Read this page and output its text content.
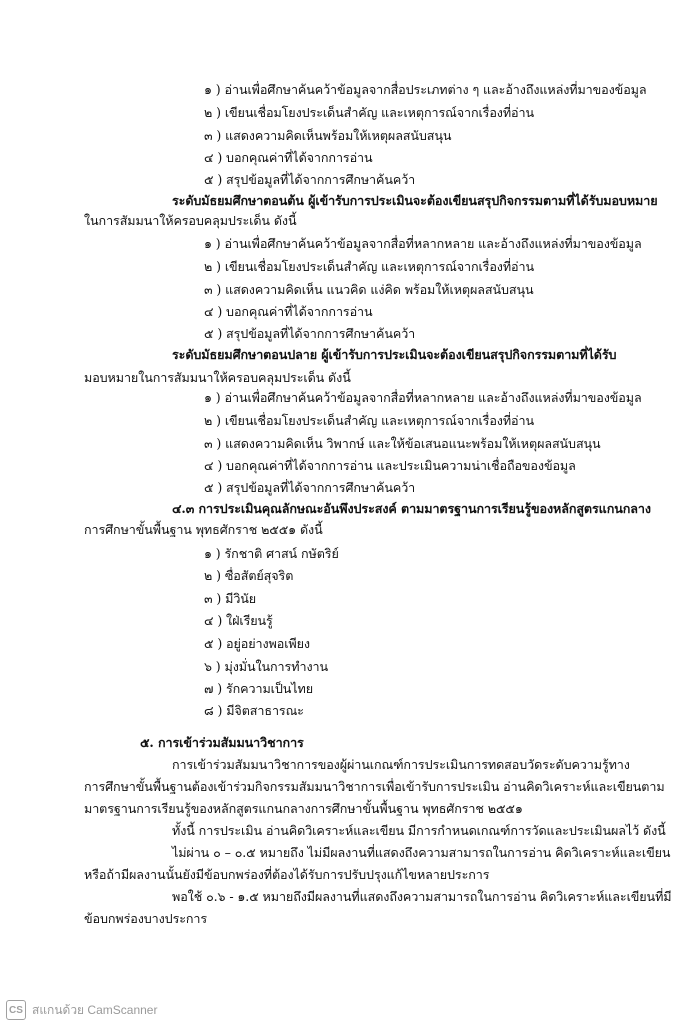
๑ ) อ่านเพื่อศึกษาค้นคว้าข้อมูลจากสื่อประเภทต่าง ๆ และอ้างถึงแหล่งที่มาของข้อมูล
๒ ) เขียนเชื่อมโยงประเด็นสำคัญ และเหตุการณ์จากเรื่องที่อ่าน
๓ ) แสดงความคิดเห็นพร้อมให้เหตุผลสนับสนุน
๔ ) บอกคุณค่าที่ได้จากการอ่าน
๕ ) สรุปข้อมูลที่ได้จากการศึกษาค้นคว้า
ระดับมัธยมศึกษาตอนต้น ผู้เข้ารับการประเมินจะต้องเขียนสรุปกิจกรรมตามที่ได้รับมอบหมาย
ในการสัมมนาให้ครอบคลุมประเด็น ดังนี้
๑ ) อ่านเพื่อศึกษาค้นคว้าข้อมูลจากสื่อที่หลากหลาย และอ้างถึงแหล่งที่มาของข้อมูล
๒ ) เขียนเชื่อมโยงประเด็นสำคัญ และเหตุการณ์จากเรื่องที่อ่าน
๓ ) แสดงความคิดเห็น แนวคิด แง่คิด พร้อมให้เหตุผลสนับสนุน
๔ ) บอกคุณค่าที่ได้จากการอ่าน
๕ ) สรุปข้อมูลที่ได้จากการศึกษาค้นคว้า
ระดับมัธยมศึกษาตอนปลาย ผู้เข้ารับการประเมินจะต้องเขียนสรุปกิจกรรมตามที่ได้รับ
มอบหมายในการสัมมนาให้ครอบคลุมประเด็น ดังนี้
๑ ) อ่านเพื่อศึกษาค้นคว้าข้อมูลจากสื่อที่หลากหลาย และอ้างถึงแหล่งที่มาของข้อมูล
๒ ) เขียนเชื่อมโยงประเด็นสำคัญ และเหตุการณ์จากเรื่องที่อ่าน
๓ ) แสดงความคิดเห็น วิพากษ์ และให้ข้อเสนอแนะพร้อมให้เหตุผลสนับสนุน
๔ ) บอกคุณค่าที่ได้จากการอ่าน และประเมินความน่าเชื่อถือของข้อมูล
๕ ) สรุปข้อมูลที่ได้จากการศึกษาค้นคว้า
๔.๓ การประเมินคุณลักษณะอันพึงประสงค์ ตามมาตรฐานการเรียนรู้ของหลักสูตรแกนกลาง
การศึกษาขั้นพื้นฐาน พุทธศักราช ๒๕๕๑ ดังนี้
๑ ) รักชาติ ศาสน์ กษัตริย์
๒ ) ซื่อสัตย์สุจริต
๓ ) มีวินัย
๔ ) ใฝ่เรียนรู้
๕ ) อยู่อย่างพอเพียง
๖ ) มุ่งมั่นในการทำงาน
๗ ) รักความเป็นไทย
๘ ) มีจิตสาธารณะ
๕. การเข้าร่วมสัมมนาวิชาการ
การเข้าร่วมสัมมนาวิชาการของผู้ผ่านเกณฑ์การประเมินการทดสอบวัดระดับความรู้ทาง
การศึกษาขั้นพื้นฐานต้องเข้าร่วมกิจกรรมสัมมนาวิชาการเพื่อเข้ารับการประเมิน อ่านคิดวิเคราะห์และเขียนตาม
มาตรฐานการเรียนรู้ของหลักสูตรแกนกลางการศึกษาขั้นพื้นฐาน พุทธศักราช ๒๕๕๑
ทั้งนี้ การประเมิน อ่านคิดวิเคราะห์และเขียน มีการกำหนดเกณฑ์การวัดและประเมินผลไว้ ดังนี้
ไม่ผ่าน ๐ – ๐.๕ หมายถึง ไม่มีผลงานที่แสดงถึงความสามารถในการอ่าน คิดวิเคราะห์และเขียน
หรือถ้ามีผลงานนั้นยังมีข้อบกพร่องที่ต้องได้รับการปรับปรุงแก้ไขหลายประการ
พอใช้ ๐.๖ - ๑.๕ หมายถึงมีผลงานที่แสดงถึงความสามารถในการอ่าน คิดวิเคราะห์และเขียนที่มี
ข้อบกพร่องบางประการ
CS สแกนด้วย CamScanner
